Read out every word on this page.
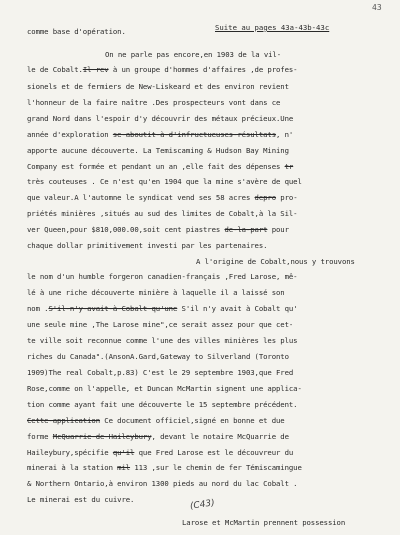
43
Suite au pages 43a-43b-43c
comme base d'opération.
On ne parle pas encore,en 1903 de la vil-
le de Cobalt.Il rev à un groupe d'hommes d'affaires ,de profes-
sionels et de fermiers de New-Liskeard et des environ revient
l'honneur de la faire naître .Des prospecteurs vont dans ce
grand Nord dans l'espoir d'y découvrir des métaux précieux.Une
année d'exploration se-aboutit-à-d'infructueuses-résultats, n'
apporte aucune découverte. La Temiscaming & Hudson Bay Mining
Company est formée et pendant un an ,elle fait des dépenses tr
très couteuses . Ce n'est qu'en 1904 que la mine s'avère de quel
que valeur.A l'automne le syndicat vend ses 58 acres depro pro-
priétés minières ,situés au sud des limites de Cobalt,à la Sil-
ver Queen,pour $810,000.00,soit cent piastres de-la-part pour
chaque dollar primitivement investi par les partenaires.
A l'origine de Cobalt,nous y trouvons
le nom d'un humble forgeron canadien-français ,Fred Larose, mê-
lé à une riche découverte minière à laquelle il a laissé son
nom .S'il-n'y-avait-à-Cobalt-qu'une S'il n'y avait à Cobalt qu'
une seule mine ,The Larose mine",ce serait assez pour que cet-
te ville soit reconnue comme l'une des villes minières les plus
riches du Canada".(AnsonA.Gard,Gateway to Silverland (Toronto
1909)The real Cobalt,p.83) C'est le 29 septembre 1903,que Fred
Rose,comme on l'appelle, et Duncan McMartin signent une applica-
tion comme ayant fait une découverte le 15 septembre précédent.
Cette-application Ce document officiel,signé en bonne et due
forme McQuarrie-de-Haileybury, devant le notaire McQuarrie de
Haileybury,spécifie qu'il que Fred Larose est le découvreur du
minerai à la station mil 113 ,sur le chemin de fer Témiscamingue
& Northern Ontario,à environ 1300 pieds au nord du lac Cobalt .
Le minerai est du cuivre.
Larose et McMartin prennent possession
(C43)
